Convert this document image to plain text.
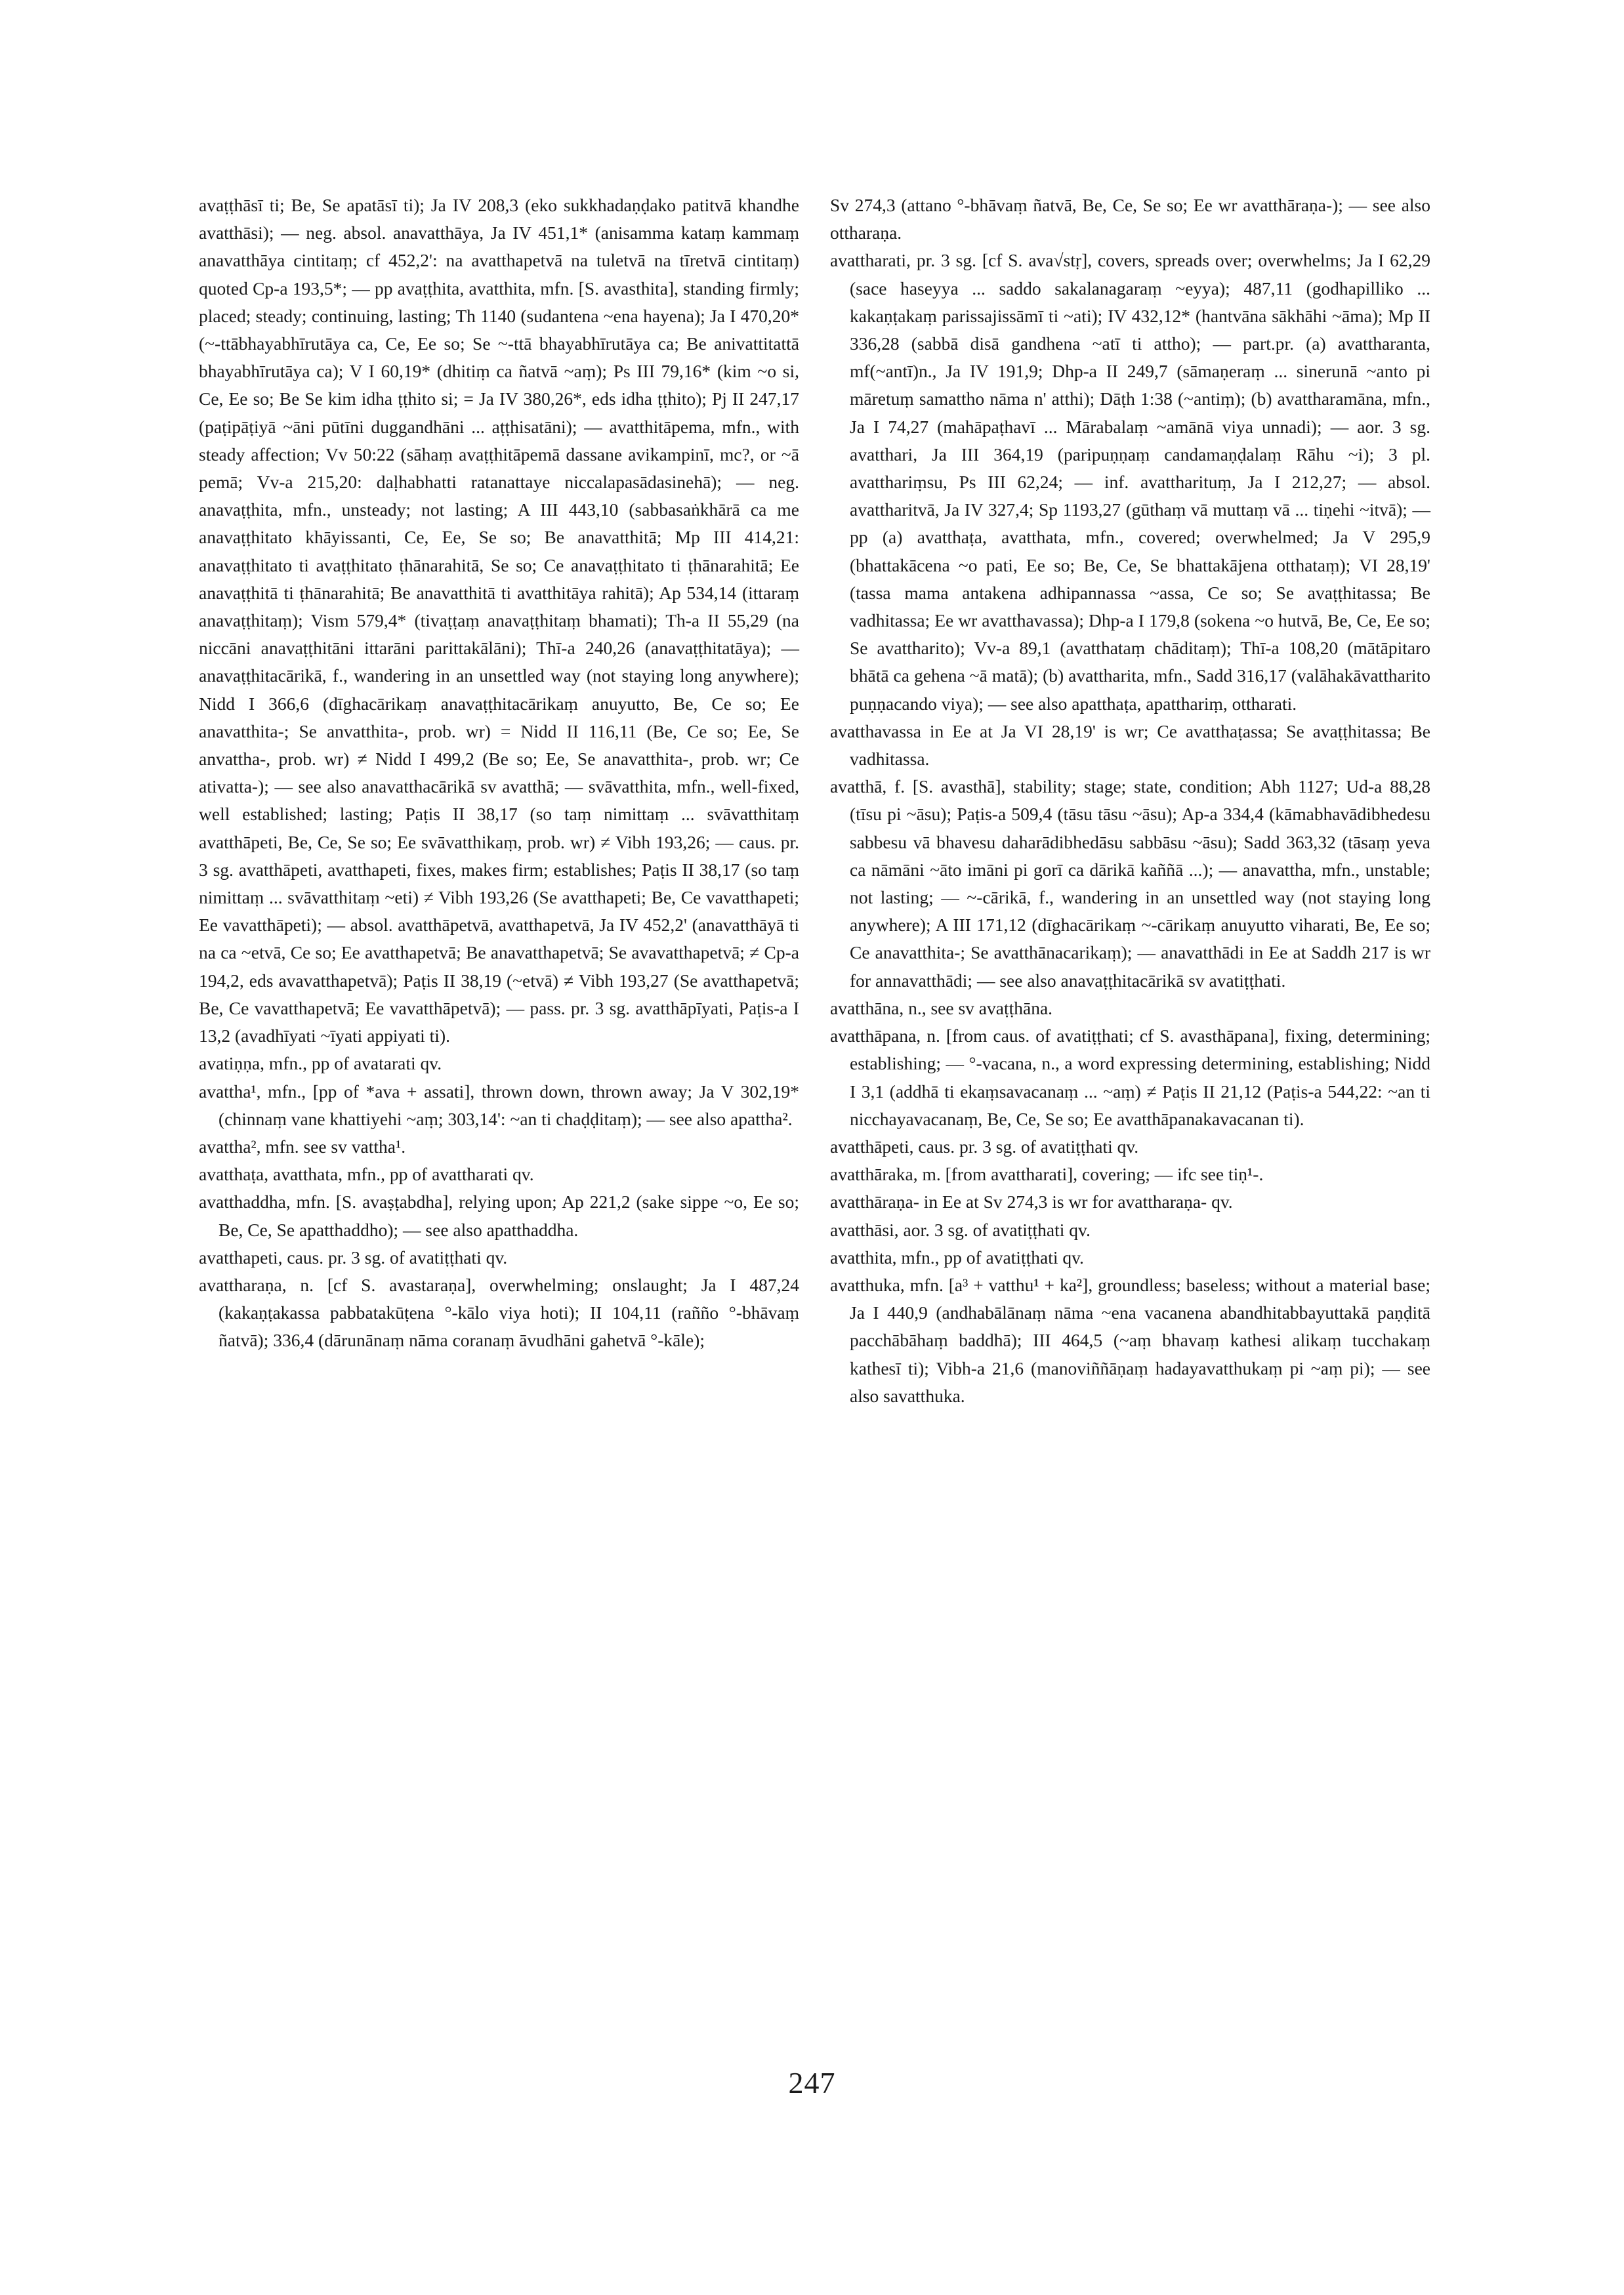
avaṭṭhāsī ti; Be, Se apatāsī ti); Ja IV 208,3 (eko sukkhadaṇḍako patitvā khandhe avatthāsi); — neg. absol. anavatthāya, Ja IV 451,1* (anisamma kataṃ kammaṃ anavatthāya cintitaṃ; cf 452,2': na avatthapetvā na tuletvā na tīretvā cintitaṃ) quoted Cp-a 193,5*; — pp avaṭṭhita, avatthita, mfn. [S. avasthita], standing firmly; placed; steady; continuing, lasting; Th 1140 (sudantena ~ena hayena); Ja I 470,20* (~-ttābhayabhīrutāya ca, Ce, Ee so; Se ~-ttā bhayabhīrutāya ca; Be anivattitattā bhayabhīrutāya ca); V I 60,19* (dhitiṃ ca ñatvā ~aṃ); Ps III 79,16* (kim ~o si, Ce, Ee so; Be Se kim idha ṭṭhito si; = Ja IV 380,26*, eds idha ṭṭhito); Pj II 247,17 (paṭipāṭiyā ~āni pūtīni duggandhāni ... aṭṭhisatāni); — avatthitāpema, mfn., with steady affection; Vv 50:22 (sāhaṃ avaṭṭhitāpemā dassane avikampinī, mc?, or ~ā pemā; Vv-a 215,20: daḷhabhatti ratanattaye niccalapasādasinehā); — neg. anavaṭṭhita, mfn., unsteady; not lasting; A III 443,10 (sabbasaṅkhārā ca me anavaṭṭhitato khāyissanti, Ce, Ee, Se so; Be anavatthitā; Mp III 414,21: anavaṭṭhitato ti avaṭṭhitato ṭhānarahitā, Se so; Ce anavaṭṭhitato ti ṭhānarahitā; Ee anavaṭṭhitā ti ṭhānarahitā; Be anavatthitā ti avatthitāya rahitā); Ap 534,14 (ittaraṃ anavaṭṭhitaṃ); Vism 579,4* (tivaṭṭaṃ anavaṭṭhitaṃ bhamati); Th-a II 55,29 (na niccāni anavaṭṭhitāni ittarāni parittakālāni); Thī-a 240,26 (anavaṭṭhitatāya); — anavaṭṭhitacārikā, f., wandering in an unsettled way (not staying long anywhere); Nidd I 366,6 (dīghacārikaṃ anavaṭṭhitacārikaṃ anuyutto, Be, Ce so; Ee anavatthita-; Se anvatthita-, prob. wr) = Nidd II 116,11 (Be, Ce so; Ee, Se anvattha-, prob. wr) ≠ Nidd I 499,2 (Be so; Ee, Se anavatthita-, prob. wr; Ce ativatta-); — see also anavatthacārikā sv avatthā; — svāvatthita, mfn., well-fixed, well established; lasting; Paṭis II 38,17 (so taṃ nimittaṃ ... svāvatthitaṃ avatthāpeti, Be, Ce, Se so; Ee svāvatthikaṃ, prob. wr) ≠ Vibh 193,26; — caus. pr. 3 sg. avatthāpeti, avatthapeti, fixes, makes firm; establishes; Paṭis II 38,17 (so taṃ nimittaṃ ... svāvatthitaṃ ~eti) ≠ Vibh 193,26 (Se avatthapeti; Be, Ce vavatthapeti; Ee vavatthāpeti); — absol. avatthāpetvā, avatthapetvā, Ja IV 452,2' (anavatthāyā ti na ca ~etvā, Ce so; Ee avatthapetvā; Be anavatthapetvā; Se avavatthapetvā; ≠ Cp-a 194,2, eds avavatthapetvā); Paṭis II 38,19 (~etvā) ≠ Vibh 193,27 (Se avatthapetvā; Be, Ce vavatthapetvā; Ee vavatthāpetvā); — pass. pr. 3 sg. avatthāpīyati, Paṭis-a I 13,2 (avadhīyati ~īyati appiyati ti).

avatiṇṇa, mfn., pp of avatarati qv.

avattha¹, mfn., [pp of *ava + assati], thrown down, thrown away; Ja V 302,19* (chinnaṃ vane khattiyehi ~aṃ; 303,14': ~an ti chaḍḍitaṃ); — see also apattha².

avattha², mfn. see sv vattha¹.

avatthaṭa, avatthata, mfn., pp of avattharati qv.

avatthaddha, mfn. [S. avaṣṭabdha], relying upon; Ap 221,2 (sake sippe ~o, Ee so; Be, Ce, Se apatthaddho); — see also apatthaddha.

avatthapeti, caus. pr. 3 sg. of avatiṭṭhati qv.

avattharaṇa, n. [cf S. avastaraṇa], overwhelming; onslaught; Ja I 487,24 (kakaṇṭakassa pabbatakūṭena °-kālo viya hoti); II 104,11 (rañño °-bhāvaṃ ñatvā); 336,4 (dārunānaṃ nāma coranaṃ āvudhāni gahetvā °-kāle);

Sv 274,3 (attano °-bhāvaṃ ñatvā, Be, Ce, Se so; Ee wr avatthāraṇa-); — see also ottharaṇa.

avattharati, pr. 3 sg. [cf S. ava√stṛ], covers, spreads over; overwhelms; Ja I 62,29 (sace haseyya ... saddo sakalanagaraṃ ~eyya); 487,11 (godhapilliko ... kakaṇṭakaṃ parissajissāmī ti ~ati); IV 432,12* (hantvāna sākhāhi ~āma); Mp II 336,28 (sabbā disā gandhena ~atī ti attho); — part.pr. (a) avattharanta, mf(~antī)n., Ja IV 191,9; Dhp-a II 249,7 (sāmaṇeraṃ ... sinerunā ~anto pi māretuṃ samattho nāma n' atthi); Dāṭh 1:38 (~antiṃ); (b) avattharamāna, mfn., Ja I 74,27 (mahāpaṭhavī ... Mārabalaṃ ~amānā viya unnadi); — aor. 3 sg. avatthari, Ja III 364,19 (paripuṇṇaṃ candamaṇḍalaṃ Rāhu ~i); 3 pl. avatthariṃsu, Ps III 62,24; — inf. avattharituṃ, Ja I 212,27; — absol. avattharitvā, Ja IV 327,4; Sp 1193,27 (gūthaṃ vā muttaṃ vā ... tiṇehi ~itvā); — pp (a) avatthaṭa, avatthata, mfn., covered; overwhelmed; Ja V 295,9 (bhattakācena ~o pati, Ee so; Be, Ce, Se bhattakājena otthataṃ); VI 28,19' (tassa mama antakena adhipannassa ~assa, Ce so; Se avaṭṭhitassa; Be vadhitassa; Ee wr avatthavassa); Dhp-a I 179,8 (sokena ~o hutvā, Be, Ce, Ee so; Se avattharito); Vv-a 89,1 (avatthataṃ chāditaṃ); Thī-a 108,20 (mātāpitaro bhātā ca gehena ~ā matā); (b) avattharita, mfn., Sadd 316,17 (valāhakāvattharito puṇṇacando viya); — see also apatthaṭa, apatthariṃ, ottharati.

avatthavassa in Ee at Ja VI 28,19' is wr; Ce avatthaṭassa; Se avaṭṭhitassa; Be vadhitassa.

avatthā, f. [S. avasthā], stability; stage; state, condition; Abh 1127; Ud-a 88,28 (tīsu pi ~āsu); Paṭis-a 509,4 (tāsu tāsu ~āsu); Ap-a 334,4 (kāmabhavādibhedesu sabbesu vā bhavesu daharādibhedāsu sabbāsu ~āsu); Sadd 363,32 (tāsaṃ yeva ca nāmāni ~āto imāni pi gorī ca dārikā kaññā ...); — anavattha, mfn., unstable; not lasting; — ~-cārikā, f., wandering in an unsettled way (not staying long anywhere); A III 171,12 (dīghacārikaṃ ~-cārikaṃ anuyutto viharati, Be, Ee so; Ce anavatthita-; Se avatthānacarikaṃ); — anavatthādi in Ee at Saddh 217 is wr for annavatthādi; — see also anavaṭṭhitacārikā sv avatiṭṭhati.

avatthāna, n., see sv avaṭṭhāna.

avatthāpana, n. [from caus. of avatiṭṭhati; cf S. avasthāpana], fixing, determining; establishing; — °-vacana, n., a word expressing determining, establishing; Nidd I 3,1 (addhā ti ekaṃsavacanaṃ ... ~aṃ) ≠ Paṭis II 21,12 (Paṭis-a 544,22: ~an ti nicchayavacanaṃ, Be, Ce, Se so; Ee avatthāpanakavacanan ti).

avatthāpeti, caus. pr. 3 sg. of avatiṭṭhati qv.

avatthāraka, m. [from avattharati], covering; — ifc see tiṇ¹-.

avatthāraṇa- in Ee at Sv 274,3 is wr for avattharaṇa- qv.

avatthāsi, aor. 3 sg. of avatiṭṭhati qv.

avatthita, mfn., pp of avatiṭṭhati qv.

avatthuka, mfn. [a³ + vatthu¹ + ka²], groundless; baseless; without a material base; Ja I 440,9 (andhabālānaṃ nāma ~ena vacanena abandhitabbayuttakā paṇḍitā pacchābāhaṃ baddhā); III 464,5 (~aṃ bhavaṃ kathesi alikaṃ tucchakaṃ kathesī ti); Vibh-a 21,6 (manoviññāṇaṃ hadayavatthukaṃ pi ~aṃ pi); — see also savatthuka.

247
